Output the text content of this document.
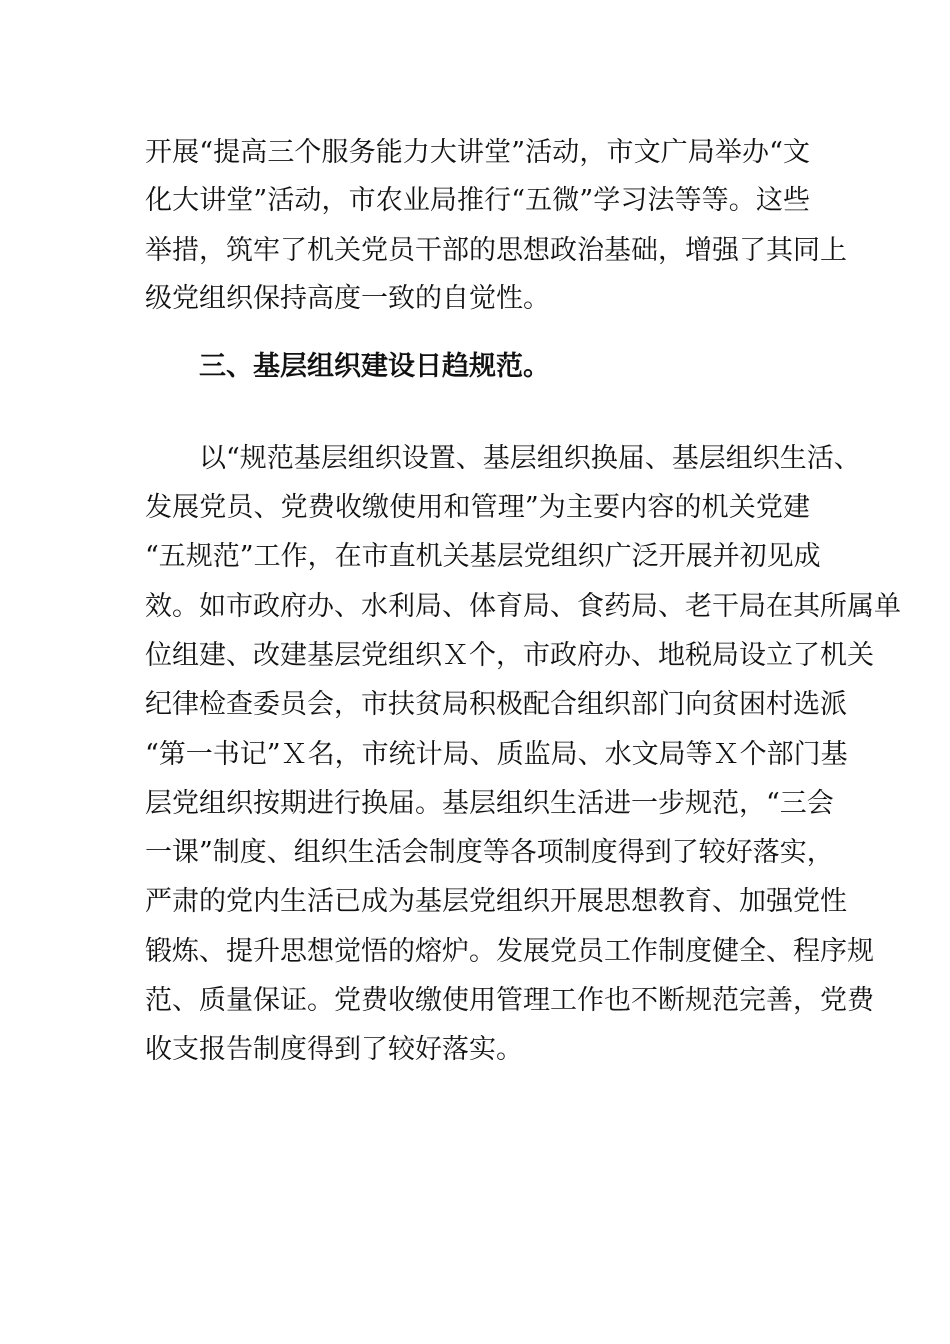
开展“提高三个服务能力大讲堂”活动，市文广局举办“文
化大讲堂”活动，市农业局推行“五微”学习法等等。这些
举措，筑牢了机关党员干部的思想政治基础，增强了其同上
级党组织保持高度一致的自觉性。
三、基层组织建设日趋规范。
以“规范基层组织设置、基层组织换届、基层组织生活、
发展党员、党费收缴使用和管理”为主要内容的机关党建
“五规范”工作，在市直机关基层党组织广泛开展并初见成
效。如市政府办、水利局、体育局、食药局、老干局在其所属单
位组建、改建基层党组织Ｘ个，市政府办、地税局设立了机关
纪律检查委员会，市扶贫局积极配合组织部门向贫困村选派
“第一书记”Ｘ名，市统计局、质监局、水文局等Ｘ个部门基
层党组织按期进行换届。基层组织生活进一步规范，“三会
一课”制度、组织生活会制度等各项制度得到了较好落实，
严肃的党内生活已成为基层党组织开展思想教育、加强党性
锻炼、提升思想觉悟的熔炉。发展党员工作制度健全、程序规
范、质量保证。党费收缴使用管理工作也不断规范完善，党费
收支报告制度得到了较好落实。
